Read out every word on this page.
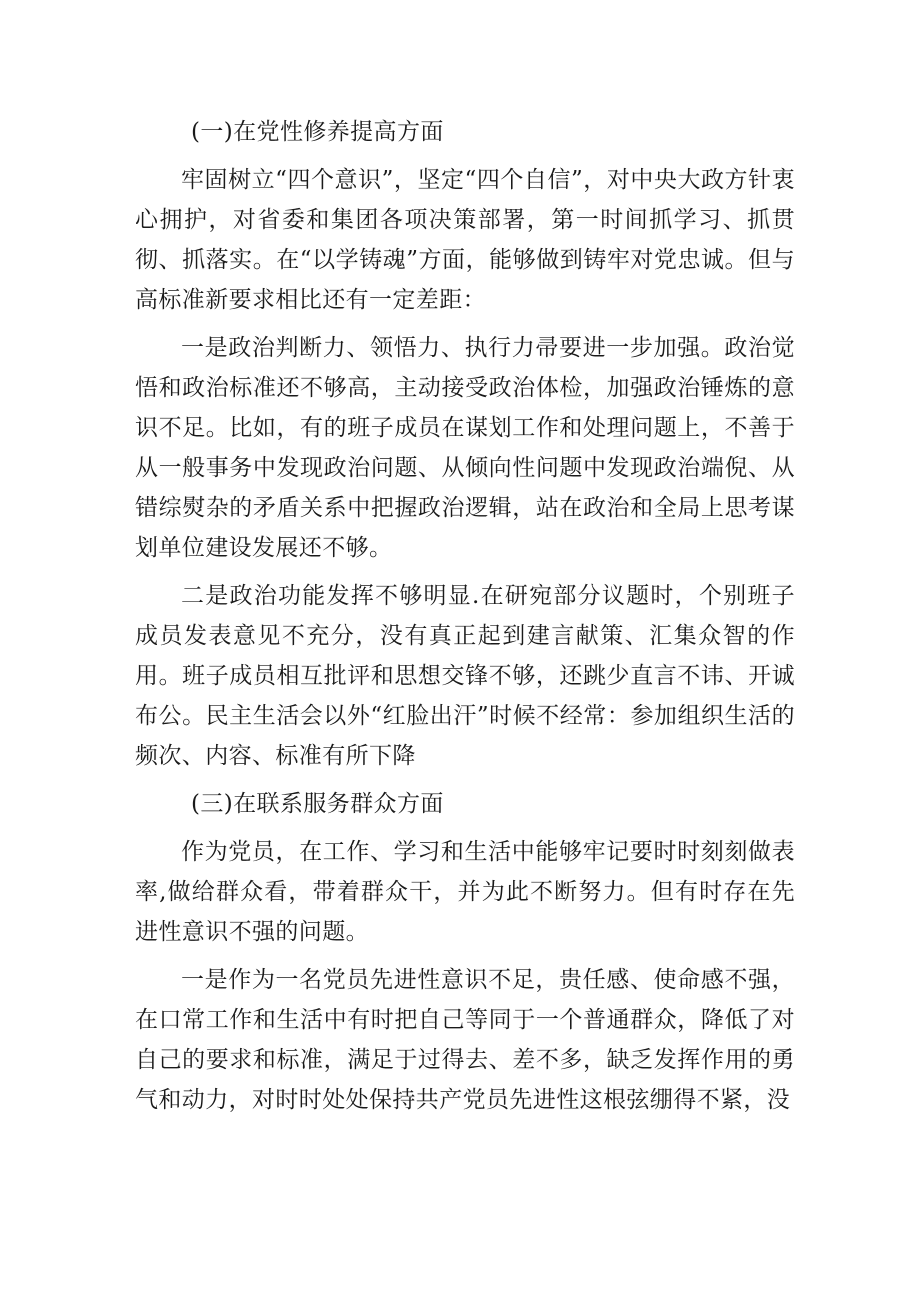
(一)在党性修养提高方面

牢固树立“四个意识”，坚定“四个自信”，对中央大政方针衷心拥护，对省委和集团各项决策部署，第一时间抓学习、抓贯彻、抓落实。在“以学铸魂”方面，能够做到铸牢对党忠诚。但与高标准新要求相比还有一定差距：

一是政治判断力、领悟力、执行力帚要进一步加强。政治觉悟和政治标准还不够高，主动接受政治体检，加强政治锤炼的意识不足。比如，有的班子成员在谋划工作和处理问题上，不善于从一般事务中发现政治问题、从倾向性问题中发现政治端倪、从错综熨杂的矛盾关系中把握政治逻辑，站在政治和全局上思考谋划单位建设发展还不够。

二是政治功能发挥不够明显.在研宛部分议题时，个别班子成员发表意见不充分，没有真正起到建言献策、汇集众智的作用。班子成员相互批评和思想交锋不够，还跳少直言不讳、开诚布公。民主生活会以外“红脸出汗”时候不经常：参加组织生活的频次、内容、标准有所下降

(三)在联系服务群众方面

作为党员，在工作、学习和生活中能够牢记要时时刻刻做表率,做给群众看，带着群众干，并为此不断努力。但有时存在先进性意识不强的问题。

一是作为一名党员先进性意识不足，贵任感、使命感不强，在口常工作和生活中有时把自己等同于一个普通群众，降低了对自己的要求和标准，满足于过得去、差不多，缺乏发挥作用的勇气和动力，对时时处处保持共产党员先进性这根弦绷得不紧，没
